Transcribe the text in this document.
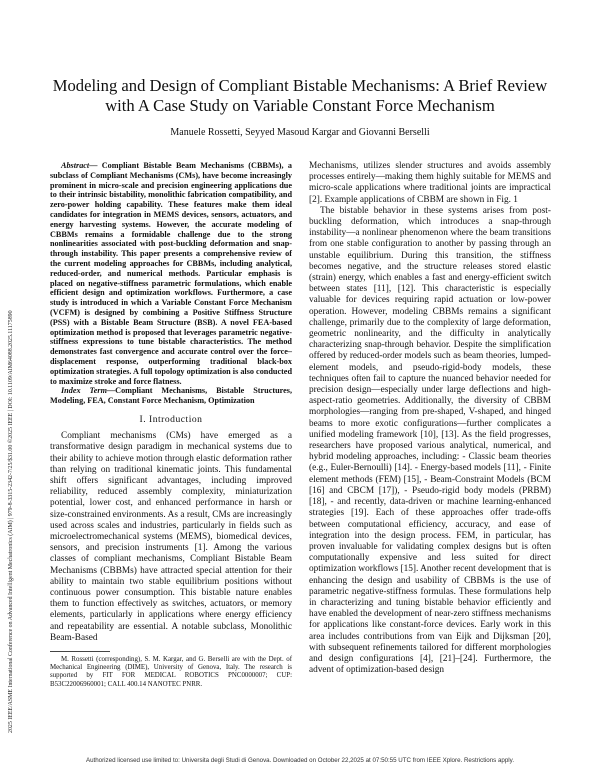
2025 IEEE/ASME International Conference on Advanced Intelligent Mechatronics (AIM) | 979-8-3315-2342-7/25/$31.00 ©2025 IEEE | DOI: 10.1109/AIM64088.2025.11175890
Modeling and Design of Compliant Bistable Mechanisms: A Brief Review with A Case Study on Variable Constant Force Mechanism
Manuele Rossetti, Seyyed Masoud Kargar and Giovanni Berselli

Abstract— Compliant Bistable Beam Mechanisms (CBBMs), a subclass of Compliant Mechanisms (CMs), have become increasingly prominent in micro-scale and precision engineering applications due to their intrinsic bistability, monolithic fabrication compatibility, and zero-power holding capability. These features make them ideal candidates for integration in MEMS devices, sensors, actuators, and energy harvesting systems. However, the accurate modeling of CBBMs remains a formidable challenge due to the strong nonlinearities associated with post-buckling deformation and snap-through instability. This paper presents a comprehensive review of the current modeling approaches for CBBMs, including analytical, reduced-order, and numerical methods. Particular emphasis is placed on negative-stiffness parametric formulations, which enable efficient design and optimization workflows. Furthermore, a case study is introduced in which a Variable Constant Force Mechanism (VCFM) is designed by combining a Positive Stiffness Structure (PSS) with a Bistable Beam Structure (BSB). A novel FEA-based optimization method is proposed that leverages parametric negative-stiffness expressions to tune bistable characteristics. The method demonstrates fast convergence and accurate control over the force–displacement response, outperforming traditional black-box optimization strategies. A full topology optimization is also conducted to maximize stroke and force flatness.

Index Term—Compliant Mechanisms, Bistable Structures, Modeling, FEA, Constant Force Mechanism, Optimization

I. Introduction

Compliant mechanisms (CMs) have emerged as a transformative design paradigm in mechanical systems due to their ability to achieve motion through elastic deformation rather than relying on traditional kinematic joints. This fundamental shift offers significant advantages, including improved reliability, reduced assembly complexity, miniaturization potential, lower cost, and enhanced performance in harsh or size-constrained environments. As a result, CMs are increasingly used across scales and industries, particularly in fields such as microelectromechanical systems (MEMS), biomedical devices, sensors, and precision instruments [1]. Among the various classes of compliant mechanisms, Compliant Bistable Beam Mechanisms (CBBMs) have attracted special attention for their ability to maintain two stable equilibrium positions without continuous power consumption. This bistable nature enables them to function effectively as switches, actuators, or memory elements, particularly in applications where energy efficiency and repeatability are essential. A notable subclass, Monolithic Beam-Based

M. Rossetti (corresponding), S. M. Kargar, and G. Berselli are with the Dept. of Mechanical Engineering (DIME), University of Genova, Italy. The research is supported by FIT FOR MEDICAL ROBOTICS PNC0000007; CUP: B53C22006960001; CALL 400.14 NANOTEC PNRR.

Mechanisms, utilizes slender structures and avoids assembly processes entirely—making them highly suitable for MEMS and micro-scale applications where traditional joints are impractical [2]. Example applications of CBBM are shown in Fig. 1

The bistable behavior in these systems arises from post-buckling deformation, which introduces a snap-through instability—a nonlinear phenomenon where the beam transitions from one stable configuration to another by passing through an unstable equilibrium. During this transition, the stiffness becomes negative, and the structure releases stored elastic (strain) energy, which enables a fast and energy-efficient switch between states [11], [12]. This characteristic is especially valuable for devices requiring rapid actuation or low-power operation. However, modeling CBBMs remains a significant challenge, primarily due to the complexity of large deformation, geometric nonlinearity, and the difficulty in analytically characterizing snap-through behavior. Despite the simplification offered by reduced-order models such as beam theories, lumped-element models, and pseudo-rigid-body models, these techniques often fail to capture the nuanced behavior needed for precision design—especially under large deflections and high-aspect-ratio geometries. Additionally, the diversity of CBBM morphologies—ranging from pre-shaped, V-shaped, and hinged beams to more exotic configurations—further complicates a unified modeling framework [10], [13]. As the field progresses, researchers have proposed various analytical, numerical, and hybrid modeling approaches, including: - Classic beam theories (e.g., Euler-Bernoulli) [14]. - Energy-based models [11], - Finite element methods (FEM) [15], - Beam-Constraint Models (BCM [16] and CBCM [17]), - Pseudo-rigid body models (PRBM) [18], - and recently, data-driven or machine learning-enhanced strategies [19]. Each of these approaches offer trade-offs between computational efficiency, accuracy, and ease of integration into the design process. FEM, in particular, has proven invaluable for validating complex designs but is often computationally expensive and less suited for direct optimization workflows [15]. Another recent development that is enhancing the design and usability of CBBMs is the use of parametric negative-stiffness formulas. These formulations help in characterizing and tuning bistable behavior efficiently and have enabled the development of near-zero stiffness mechanisms for applications like constant-force devices. Early work in this area includes contributions from van Eijk and Dijksman [20], with subsequent refinements tailored for different morphologies and design configurations [4], [21]–[24]. Furthermore, the advent of optimization-based design

Authorized licensed use limited to: Universita degli Studi di Genova. Downloaded on October 22,2025 at 07:50:55 UTC from IEEE Xplore. Restrictions apply.
